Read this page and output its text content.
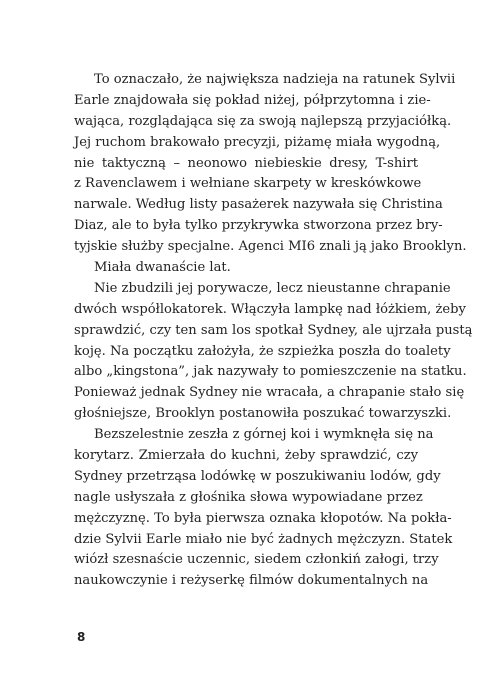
To oznaczało, że największa nadzieja na ratunek Sylvii
Earle znajdowała się pokład niżej, półprzytomna i zie-
wająca, rozglądająca się za swoją najlepszą przyjaciółką.
Jej ruchom brakowało precyzji, piżamę miała wygodną,
nie taktyczną – neonowo niebieskie dresy, T-shirt
z Ravenclawem i wełniane skarpety w kreskówkowe
narwale. Według listy pasażerek nazywała się Christina
Diaz, ale to była tylko przykrywka stworzona przez bry-
tyjskie służby specjalne. Agenci MI6 znali ją jako Brooklyn.
Miała dwanaście lat.
Nie zbudzili jej porywacze, lecz nieustanne chrapanie
dwóch współlokatorek. Włączyła lampkę nad łóżkiem, żeby
sprawdzić, czy ten sam los spotkał Sydney, ale ujrzała pustą
koję. Na początku założyła, że szpieżka poszła do toalety
albo „kingstona”, jak nazywały to pomieszczenie na statku.
Ponieważ jednak Sydney nie wracała, a chrapanie stało się
głośniejsze, Brooklyn postanowiła poszukać towarzyszki.
Bezszelestnie zeszła z górnej koi i wymknęła się na
korytarz. Zmierzała do kuchni, żeby sprawdzić, czy
Sydney przetrząsa lodówkę w poszukiwaniu lodów, gdy
nagle usłyszała z głośnika słowa wypowiadane przez
mężczyznę. To była pierwsza oznaka kłopotów. Na pokła-
dzie Sylvii Earle miało nie być żadnych mężczyzn. Statek
wiózł szesnaście uczennic, siedem członkiń załogi, trzy
naukowczynie i reżyserkę filmów dokumentalnych na
8
